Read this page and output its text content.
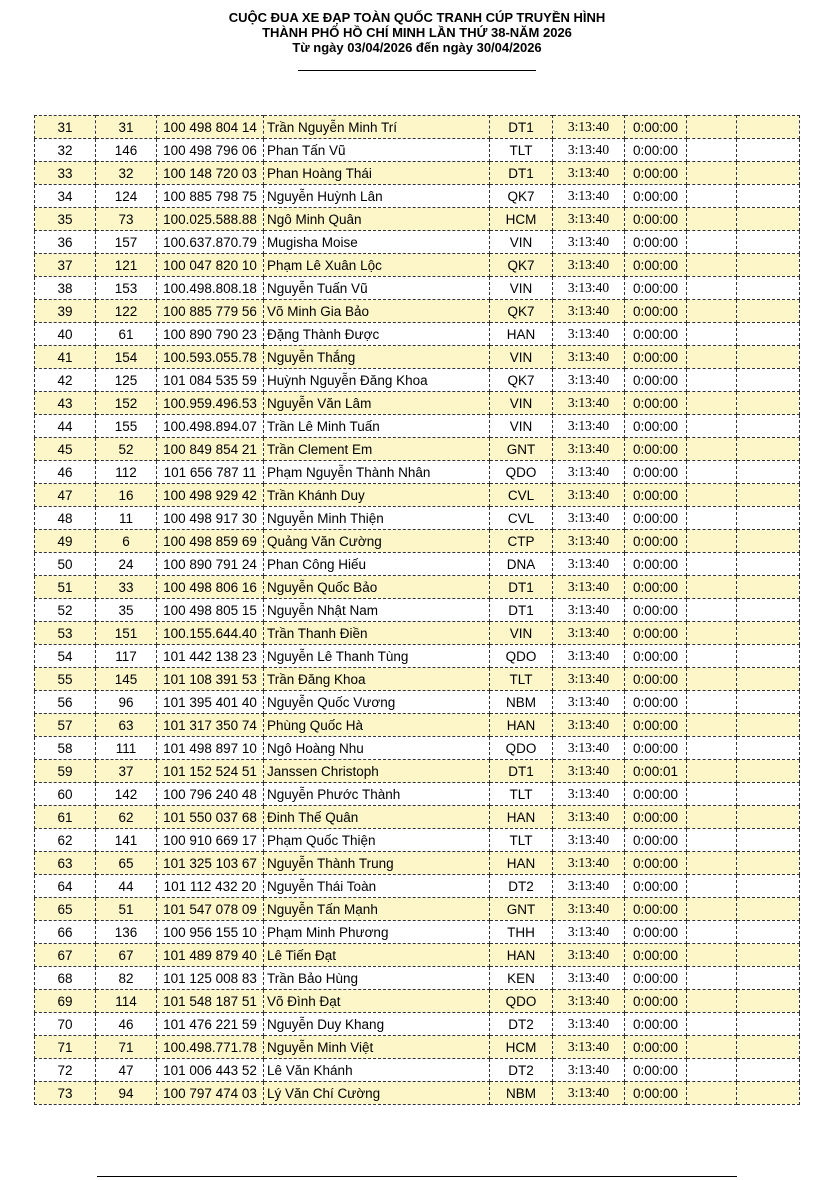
CUỘC ĐUA XE ĐẠP TOÀN QUỐC TRANH CÚP TRUYỀN HÌNH
THÀNH PHỐ HỒ CHÍ MINH LẦN THỨ 38-NĂM 2026
Từ ngày 03/04/2026 đến ngày 30/04/2026
31	31	100 498 804 14	Trần Nguyễn Minh Trí	DT1	3:13:40	0:00:00		
32	146	100 498 796 06	Phan Tấn Vũ	TLT	3:13:40	0:00:00		
33	32	100 148 720 03	Phan Hoàng Thái	DT1	3:13:40	0:00:00		
34	124	100 885 798 75	Nguyễn Huỳnh Lân	QK7	3:13:40	0:00:00		
35	73	100.025.588.88	Ngô Minh Quân	HCM	3:13:40	0:00:00		
36	157	100.637.870.79	Mugisha Moise	VIN	3:13:40	0:00:00		
37	121	100 047 820 10	Phạm Lê Xuân Lộc	QK7	3:13:40	0:00:00		
38	153	100.498.808.18	Nguyễn Tuấn Vũ	VIN	3:13:40	0:00:00		
39	122	100 885 779 56	Võ Minh Gia Bảo	QK7	3:13:40	0:00:00		
40	61	100 890 790 23	Đặng Thành Được	HAN	3:13:40	0:00:00		
41	154	100.593.055.78	Nguyễn Thắng	VIN	3:13:40	0:00:00		
42	125	101 084 535 59	Huỳnh Nguyễn Đăng Khoa	QK7	3:13:40	0:00:00		
43	152	100.959.496.53	Nguyễn Văn Lâm	VIN	3:13:40	0:00:00		
44	155	100.498.894.07	Trần Lê Minh Tuấn	VIN	3:13:40	0:00:00		
45	52	100 849 854 21	Trần Clement Em	GNT	3:13:40	0:00:00		
46	112	101 656 787 11	Phạm Nguyễn Thành Nhân	QDO	3:13:40	0:00:00		
47	16	100 498 929 42	Trần Khánh Duy	CVL	3:13:40	0:00:00		
48	11	100 498 917 30	Nguyễn Minh Thiện	CVL	3:13:40	0:00:00		
49	6	100 498 859 69	Quảng Văn Cường	CTP	3:13:40	0:00:00		
50	24	100 890 791 24	Phan Công Hiếu	DNA	3:13:40	0:00:00		
51	33	100 498 806 16	Nguyễn Quốc Bảo	DT1	3:13:40	0:00:00		
52	35	100 498 805 15	Nguyễn Nhật Nam	DT1	3:13:40	0:00:00		
53	151	100.155.644.40	Trần Thanh Điền	VIN	3:13:40	0:00:00		
54	117	101 442 138 23	Nguyễn Lê Thanh Tùng	QDO	3:13:40	0:00:00		
55	145	101 108 391 53	Trần Đăng Khoa	TLT	3:13:40	0:00:00		
56	96	101 395 401 40	Nguyễn Quốc Vương	NBM	3:13:40	0:00:00		
57	63	101 317 350 74	Phùng Quốc Hà	HAN	3:13:40	0:00:00		
58	111	101 498 897 10	Ngô Hoàng Nhu	QDO	3:13:40	0:00:00		
59	37	101 152 524 51	Janssen Christoph	DT1	3:13:40	0:00:01		
60	142	100 796 240 48	Nguyễn Phước Thành	TLT	3:13:40	0:00:00		
61	62	101 550 037 68	Đinh Thế Quân	HAN	3:13:40	0:00:00		
62	141	100 910 669 17	Phạm Quốc Thiện	TLT	3:13:40	0:00:00		
63	65	101 325 103 67	Nguyễn Thành Trung	HAN	3:13:40	0:00:00		
64	44	101 112 432 20	Nguyễn Thái Toàn	DT2	3:13:40	0:00:00		
65	51	101 547 078 09	Nguyễn Tấn Mạnh	GNT	3:13:40	0:00:00		
66	136	100 956 155 10	Phạm Minh Phương	THH	3:13:40	0:00:00		
67	67	101 489 879 40	Lê Tiến Đạt	HAN	3:13:40	0:00:00		
68	82	101 125 008 83	Trần Bảo Hùng	KEN	3:13:40	0:00:00		
69	114	101 548 187 51	Võ Đình Đạt	QDO	3:13:40	0:00:00		
70	46	101 476 221 59	Nguyễn Duy Khang	DT2	3:13:40	0:00:00		
71	71	100.498.771.78	Nguyễn Minh Việt	HCM	3:13:40	0:00:00		
72	47	101 006 443 52	Lê Văn Khánh	DT2	3:13:40	0:00:00		
73	94	100 797 474 03	Lý Văn Chí Cường	NBM	3:13:40	0:00:00		
